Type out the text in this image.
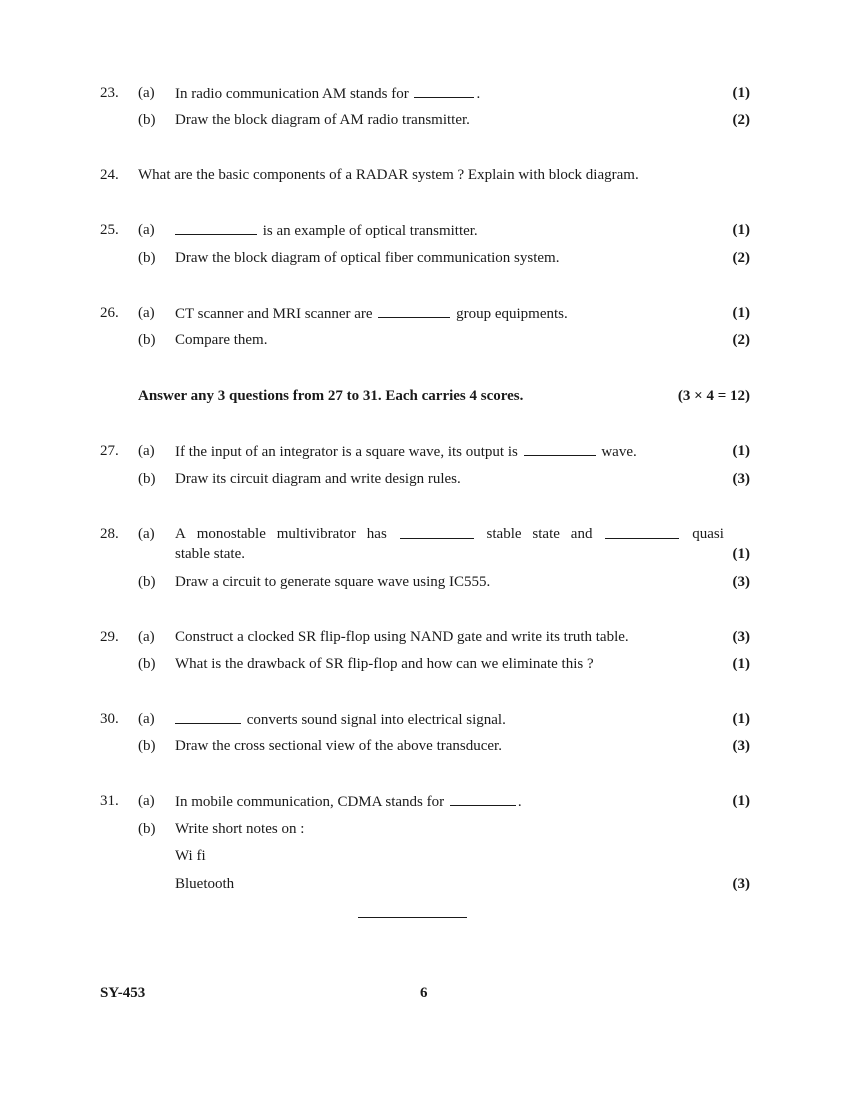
23. (a) In radio communication AM stands for	.	(1)
(b) Draw the block diagram of AM radio transmitter.	(2)
24. What are the basic components of a RADAR system ? Explain with block diagram.
25. (a)	is an example of optical transmitter.	(1)
(b) Draw the block diagram of optical fiber communication system.	(2)
26. (a) CT scanner and MRI scanner are	group equipments.	(1)
(b) Compare them.	(2)
Answer any 3 questions from 27 to 31. Each carries 4 scores.	(3 × 4 = 12)
27. (a) If the input of an integrator is a square wave, its output is	wave.	(1)
(b) Draw its circuit diagram and write design rules.	(3)
28. (a) A monostable multivibrator has	stable state and	quasi
stable state.	(1)
(b) Draw a circuit to generate square wave using IC555.	(3)
29. (a) Construct a clocked SR flip-flop using NAND gate and write its truth table.	(3)
(b) What is the drawback of SR flip-flop and how can we eliminate this ?	(1)
30. (a)	converts sound signal into electrical signal.	(1)
(b) Draw the cross sectional view of the above transducer.	(3)
31. (a) In mobile communication, CDMA stands for	.	(1)
(b) Write short notes on :
Wi fi
Bluetooth	(3)
SY-453	6
